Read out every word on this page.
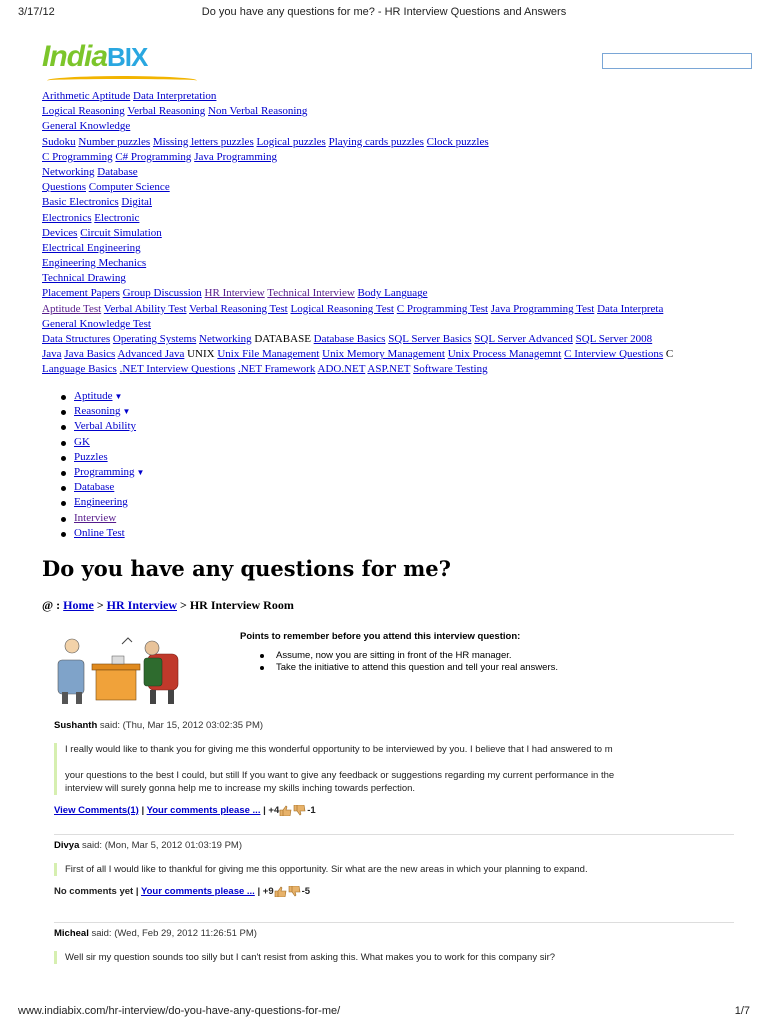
3/17/12	Do you have any questions for me? - HR Interview Questions and Answers
IndiaBIX
Arithmetic Aptitude Data Interpretation
Logical Reasoning Verbal Reasoning Non Verbal Reasoning
General Knowledge
Sudoku Number puzzles Missing letters puzzles Logical puzzles Playing cards puzzles Clock puzzles
C Programming C# Programming Java Programming
Networking Database
Questions Computer Science
Basic Electronics Digital
Electronics Electronic
Devices Circuit Simulation
Electrical Engineering
Engineering Mechanics
Technical Drawing
Placement Papers Group Discussion HR Interview Technical Interview Body Language
Aptitude Test Verbal Ability Test Verbal Reasoning Test Logical Reasoning Test C Programming Test Java Programming Test Data Interpreta
General Knowledge Test
Data Structures Operating Systems Networking DATABASE Database Basics SQL Server Basics SQL Server Advanced SQL Server 2008
Java Java Basics Advanced Java UNIX Unix File Management Unix Memory Management Unix Process Managemnt C Interview Questions C
Language Basics .NET Interview Questions .NET Framework ADO.NET ASP.NET Software Testing
Aptitude ▼
Reasoning ▼
Verbal Ability
GK
Puzzles
Programming ▼
Database
Engineering
Interview
Online Test
Do you have any questions for me?
@ : Home > HR Interview > HR Interview Room
Points to remember before you attend this interview question:
Assume, now you are sitting in front of the HR manager.
Take the initiative to attend this question and tell your real answers.
Sushanth said: (Thu, Mar 15, 2012 03:02:35 PM)
I really would like to thank you for giving me this wonderful opportunity to be interviewed by you. I believe that I had answered to m
your questions to the best I could, but still If you want to give any feedback or suggestions regarding my current performance in the
interview will surely gonna help me to increase my skills inching towards perfection.
View Comments(1) | Your comments please ... | +4	-1
Divya said: (Mon, Mar 5, 2012 01:03:19 PM)
First of all I would like to thankful for giving me this opportunity. Sir what are the new areas in which your planning to expand.
No comments yet | Your comments please ... | +9	-5
Micheal said: (Wed, Feb 29, 2012 11:26:51 PM)
Well sir my question sounds too silly but I can't resist from asking this. What makes you to work for this company sir?
www.indiabix.com/hr-interview/do-you-have-any-questions-for-me/	1/7
